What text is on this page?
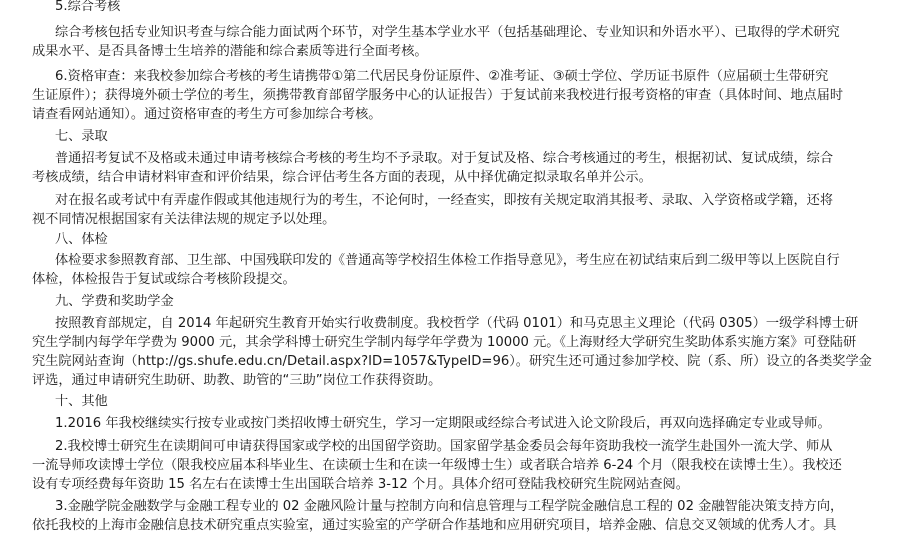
5.综合考核
综合考核包括专业知识考查与综合能力面试两个环节，对学生基本学业水平（包括基础理论、专业知识和外语水平）、已取得的学术研究
成果水平、是否具备博士生培养的潜能和综合素质等进行全面考核。
6.资格审查：来我校参加综合考核的考生请携带①第二代居民身份证原件、②准考证、③硕士学位、学历证书原件（应届硕士生带研究
生证原件）；获得境外硕士学位的考生，须携带教育部留学服务中心的认证报告）于复试前来我校进行报考资格的审查（具体时间、地点届时
请查看网站通知）。通过资格审查的考生方可参加综合考核。
七、录取
普通招考复试不及格或未通过申请考核综合考核的考生均不予录取。对于复试及格、综合考核通过的考生，根据初试、复试成绩，综合
考核成绩，结合申请材料审查和评价结果，综合评估考生各方面的表现，从中择优确定拟录取名单并公示。
对在报名或考试中有弄虚作假或其他违规行为的考生，不论何时，一经查实，即按有关规定取消其报考、录取、入学资格或学籍，还将
视不同情况根据国家有关法律法规的规定予以处理。
八、体检
体检要求参照教育部、卫生部、中国残联印发的《普通高等学校招生体检工作指导意见》，考生应在初试结束后到二级甲等以上医院自行
体检，体检报告于复试或综合考核阶段提交。
九、学费和奖助学金
按照教育部规定，自 2014 年起研究生教育开始实行收费制度。我校哲学（代码 0101）和马克思主义理论（代码 0305）一级学科博士研
究生学制内每学年学费为 9000 元，其余学科博士研究生学制内每学年学费为 10000 元。《上海财经大学研究生奖助体系实施方案》可登陆研
究生院网站查询（http://gs.shufe.edu.cn/Detail.aspx?ID=1057&TypeID=96）。研究生还可通过参加学校、院（系、所）设立的各类奖学金
评选，通过申请研究生助研、助教、助管的“三助”岗位工作获得资助。
十、其他
1.2016 年我校继续实行按专业或按门类招收博士研究生，学习一定期限或经综合考试进入论文阶段后，再双向选择确定专业或导师。
2.我校博士研究生在读期间可申请获得国家或学校的出国留学资助。国家留学基金委员会每年资助我校一流学生赴国外一流大学、师从
一流导师攻读博士学位（限我校应届本科毕业生、在读硕士生和在读一年级博士生）或者联合培养 6-24 个月（限我校在读博士生）。我校还
设有专项经费每年资助 15 名左右在读博士生出国联合培养 3-12 个月。具体介绍可登陆我校研究生院网站查阅。
3.金融学院金融数学与金融工程专业的 02 金融风险计量与控制方向和信息管理与工程学院金融信息工程的 02 金融智能决策支持方向，
依托我校的上海市金融信息技术研究重点实验室，通过实验室的产学研合作基地和应用研究项目，培养金融、信息交叉领域的优秀人才。具
